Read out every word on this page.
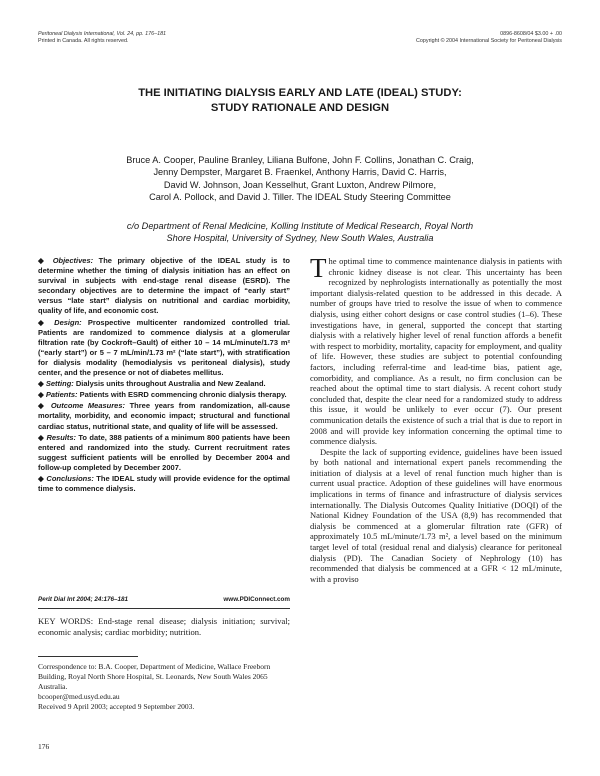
Peritoneal Dialysis International, Vol. 24, pp. 176–181
Printed in Canada. All rights reserved.
0896-8608/04 $3.00 + .00
Copyright © 2004 International Society for Peritoneal Dialysis
THE INITIATING DIALYSIS EARLY AND LATE (IDEAL) STUDY:
STUDY RATIONALE AND DESIGN
Bruce A. Cooper, Pauline Branley, Liliana Bulfone, John F. Collins, Jonathan C. Craig,
Jenny Dempster, Margaret B. Fraenkel, Anthony Harris, David C. Harris,
David W. Johnson, Joan Kesselhut, Grant Luxton, Andrew Pilmore,
Carol A. Pollock, and David J. Tiller. The IDEAL Study Steering Committee
c/o Department of Renal Medicine, Kolling Institute of Medical Research, Royal North
Shore Hospital, University of Sydney, New South Wales, Australia

◆ Objectives: The primary objective of the IDEAL study is to determine whether the timing of dialysis initiation has an effect on survival in subjects with end-stage renal disease (ESRD). The secondary objectives are to determine the impact of “early start” versus “late start” dialysis on nutritional and cardiac morbidity, quality of life, and economic cost.

◆ Design: Prospective multicenter randomized controlled trial. Patients are randomized to commence dialysis at a glomerular filtration rate (by Cockroft–Gault) of either 10 – 14 mL/minute/1.73 m² (“early start”) or 5 – 7 mL/min/1.73 m² (“late start”), with stratification for dialysis modality (hemodialysis vs peritoneal dialysis), study center, and the presence or not of diabetes mellitus.

◆ Setting: Dialysis units throughout Australia and New Zealand.

◆ Patients: Patients with ESRD commencing chronic dialysis therapy.

◆ Outcome Measures: Three years from randomization, all-cause mortality, morbidity, and economic impact; structural and functional cardiac status, nutritional state, and quality of life will be assessed.

◆ Results: To date, 388 patients of a minimum 800 patients have been entered and randomized into the study. Current recruitment rates suggest sufficient patients will be enrolled by December 2004 and follow-up completed by December 2007.

◆ Conclusions: The IDEAL study will provide evidence for the optimal time to commence dialysis.

Perit Dial Int 2004; 24:176–181	www.PDIConnect.com
KEY WORDS: End-stage renal disease; dialysis initiation; survival; economic analysis; cardiac morbidity; nutrition.

Correspondence to: B.A. Cooper, Department of Medicine, Wallace Freeborn Building, Royal North Shore Hospital, St. Leonards, New South Wales 2065 Australia.

bcooper@med.usyd.edu.au

Received 9 April 2003; accepted 9 September 2003.

176

The optimal time to commence maintenance dialysis in patients with chronic kidney disease is not clear. This uncertainty has been recognized by nephrologists internationally as potentially the most important dialysis-related question to be addressed in this decade. A number of groups have tried to resolve the issue of when to commence dialysis, using either cohort designs or case control studies (1–6). These investigations have, in general, supported the concept that starting dialysis with a relatively higher level of renal function affords a benefit with respect to morbidity, mortality, capacity for employment, and quality of life. However, these studies are subject to potential confounding factors, including referral-time and lead-time bias, patient age, comorbidity, and compliance. As a result, no firm conclusion can be reached about the optimal time to start dialysis. A recent cohort study concluded that, despite the clear need for a randomized study to address this issue, it would be unlikely to ever occur (7). Our present communication details the existence of such a trial that is due to report in 2008 and will provide key information concerning the optimal time to commence dialysis.

Despite the lack of supporting evidence, guidelines have been issued by both national and international expert panels recommending the initiation of dialysis at a level of renal function much higher than is current usual practice. Adoption of these guidelines will have enormous implications in terms of finance and infrastructure of dialysis services internationally. The Dialysis Outcomes Quality Initiative (DOQI) of the National Kidney Foundation of the USA (8,9) has recommended that dialysis be commenced at a glomerular filtration rate (GFR) of approximately 10.5 mL/minute/1.73 m², a level based on the minimum target level of total (residual renal and dialysis) clearance for peritoneal dialysis (PD). The Canadian Society of Nephrology (10) has recommended that dialysis be commenced at a GFR < 12 mL/minute, with a proviso
